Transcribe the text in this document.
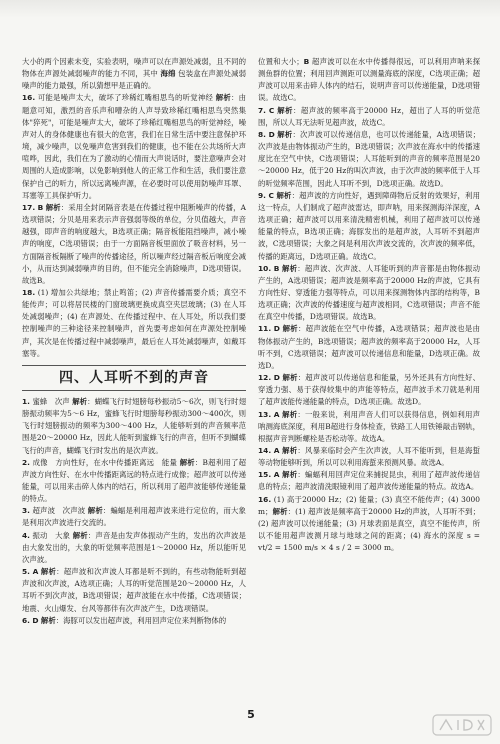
大小的两个因素未变，实验表明，噪声可以在声源处减弱，且不同的物体在声源处减弱噪声的能力不同，其中 海绵 包装盒在声源处减弱噪声的能力最强，所以猜想甲是正确的。

16. 可能是噪声太大，破坏了珍稀红嘴相思鸟的听觉神经 解析：由题意可知，激烈的音乐声和嘈杂的人声导致珍稀红嘴相思鸟突然集体"猝死"，可能是噪声太大，破坏了珍稀红嘴相思鸟的听觉神经，噪声对人的身体健康也有很大的危害，我们在日常生活中要注意保护环境，减少噪声，以免噪声危害到我们的健康，也不能在公共场所大声喧哗，因此，我们在为了激动的心情而大声说话时，要注意噪声会对周围的人造成影响，以免影响到他人的正常工作和生活，我们要注意保护自己的听力，所以远离噪声源，在必要时可以使用防噪声耳罩、耳塞等工具保护听力。

17. B 解析：采用全封闭隔音表是在传播过程中阻断噪声的传播，A选项错误；分贝是用来表示声音强弱等级的单位，分贝值越大，声音越强，即声音的响度越大，B选项正确；隔音板能阻挡噪声，减小噪声的响度，C选项错误；由于一方面隔音板里面放了吸音材料，另一方面隔音板隔断了噪声的传播途径，所以噪声经过隔音板后响度会减小，从而达到减弱噪声的目的，但不能完全消除噪声，D选项错误。故选B。

18. (1) 增加公共绿地；禁止鸣笛；(2) 声音传播需要介质；真空不能传声；可以将居民楼的门窗玻璃更换成真空夹层玻璃；(3) 在人耳处减弱噪声；(4) 在声源处、在传播过程中、在人耳处，所以我们要控制噪声的三种途径来控制噪声，首先要考虑如何在声源处控制噪声，其次是在传播过程中减弱噪声，最后在人耳处减弱噪声，如戴耳塞等。

四、人耳听不到的声音

1. 蜜蜂　次声 解析：蝴蝶飞行时翅膀每秒振动5～6次，则飞行时翅膀振动频率为5～6 Hz，蜜蜂飞行时翅膀每秒振动300～400次，则飞行时翅膀振动的频率为300～400 Hz，人能够听到的声音频率范围是20～20000 Hz，因此人能听到蜜蜂飞行的声音，但听不到蝴蝶飞行的声音，蝴蝶飞行时发出的是次声波。

2. 成像　方向性好，在水中传播距离远　能量 解析：B超利用了超声波方向性好、在水中传播距离远的特点进行成像；超声波可以传递能量，可以用来击碎人体内的结石，所以利用了超声波能够传递能量的特点。

3. 超声波　次声波 解析：蝙蝠是利用超声波来进行定位的，而大象是利用次声波进行交流的。

4. 振动　大象 解析：声音是由发声体振动产生的，发出的次声波是由大象发出的，大象的听觉频率范围是1～20000 Hz，所以能听见次声波。

5. A 解析：超声波和次声波人耳都是听不到的，有些动物能听到超声波和次声波，A选项正确；人耳的听觉范围是20～20000 Hz，人耳听不到次声波，B选项错误；超声波能在水中传播，C选项错误；地震、火山爆发、台风等都伴有次声波产生，D选项错误。

6. D 解析：海豚可以发出超声波，利用回声定位来判断物体的

位置和大小；B 超声波可以在水中传播得很远，可以利用声呐来探测鱼群的位置；利用回声测距可以测量海底的深度，C选项正确；超声波可以用来击碎人体内的结石，说明声音可以传递能量，D选项错误。故选C。

7. C 解析：超声波的频率高于20000 Hz，超出了人耳的听觉范围，所以人耳无法听见超声波，故选C。

8. D 解析：次声波可以传递信息，也可以传递能量，A选项错误；次声波是由物体振动产生的，B选项错误；次声波在海水中的传播速度比在空气中快，C选项错误；人耳能听到的声音的频率范围是20～20000 Hz，低于20 Hz的叫次声波，由于次声波的频率低于人耳的听觉频率范围，因此人耳听不到，D选项正确。故选D。

9. C 解析：超声波的方向性好，遇到障碍物后反射的效果好，利用这一特点，人们制成了超声波雷达，即声呐，用来探测海洋深度，A选项正确；超声波可以用来清洗精密机械，利用了超声波可以传递能量的特点，B选项正确；海豚发出的是超声波，人耳听不到超声波，C选项错误；大象之间是利用次声波交流的，次声波的频率低，传播的距离远，D选项正确。故选C。

10. B 解析：超声波、次声波、人耳能听到的声音都是由物体振动产生的，A选项错误；超声波是频率高于20000 Hz的声波，它具有方向性好、穿透能力强等特点，可以用来探测物体内部的结构等，B选项正确；次声波的传播速度与超声波相同，C选项错误；声音不能在真空中传播，D选项错误。故选B。

11. D 解析：超声波能在空气中传播，A选项错误；超声波也是由物体振动产生的，B选项错误；超声波的频率高于20000 Hz，人耳听不到，C选项错误；超声波可以传递信息和能量，D选项正确。故选D。

12. D 解析：超声波可以传递信息和能量，另外还具有方向性好、穿透力强、易于获得较集中的声能等特点，超声波手术刀就是利用了超声波能传递能量的特点，D选项正确。故选D。

13. A 解析：一般来说，利用声音人们可以获得信息，例如利用声呐测海底深度，利用B超进行身体检查，铁路工人用铁锤敲击钢轨，根据声音判断螺栓是否松动等。故选A。

14. A 解析：风暴来临时会产生次声波，人耳不能听到，但是海蜇等动物能够听到，所以可以利用海蜇来预测风暴。故选A。

15. A 解析：蝙蝠利用回声定位来捕捉昆虫，利用了超声波传递信息的特点；超声波清洗眼镜利用了超声波传递能量的特点。故选A。

16. (1) 高于20000 Hz；(2) 能量；(3) 真空不能传声；(4) 3000 m；解析：(1) 超声波是频率高于20000 Hz的声波，人耳听不到；(2) 超声波可以传递能量；(3) 月球表面是真空，真空不能传声，所以不能用超声波测月球与地球之间的距离；(4) 海水的深度 s = vt/2 = 1500 m/s × 4 s / 2 = 3000 m。

5
